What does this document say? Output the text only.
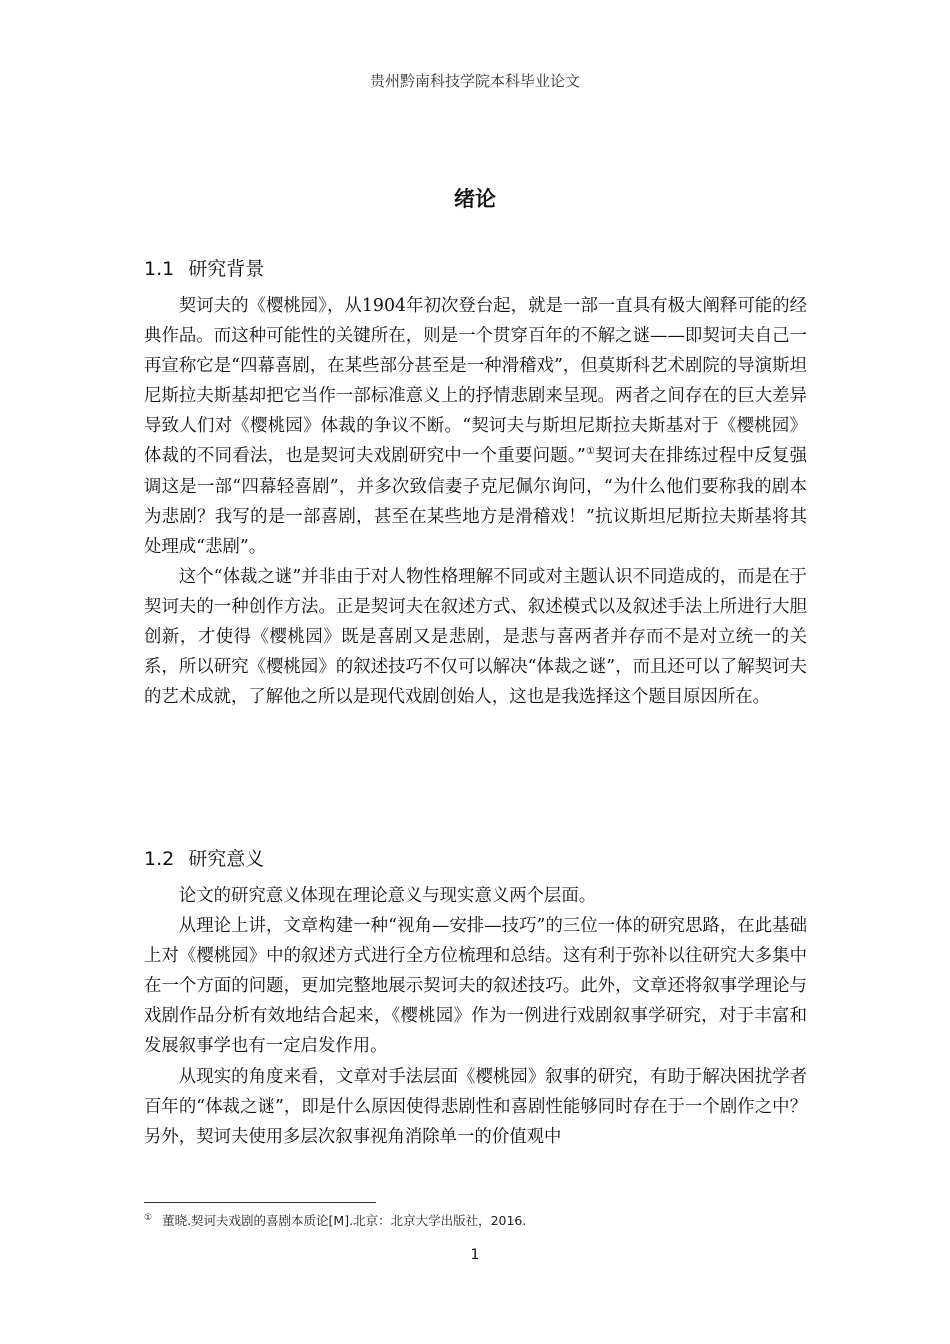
贵州黔南科技学院本科毕业论文
绪论
1.1 研究背景

契诃夫的《樱桃园》，从1904年初次登台起，就是一部一直具有极大阐释可能的经典作品。而这种可能性的关键所在，则是一个贯穿百年的不解之谜——即契诃夫自己一再宣称它是“四幕喜剧，在某些部分甚至是一种滑稽戏”，但莫斯科艺术剧院的导演斯坦尼斯拉夫斯基却把它当作一部标准意义上的抒情悲剧来呈现。两者之间存在的巨大差异导致人们对《樱桃园》体裁的争议不断。“契诃夫与斯坦尼斯拉夫斯基对于《樱桃园》体裁的不同看法，也是契诃夫戏剧研究中一个重要问题。”①契诃夫在排练过程中反复强调这是一部“四幕轻喜剧”，并多次致信妻子克尼佩尔询问，“为什么他们要称我的剧本为悲剧？我写的是一部喜剧，甚至在某些地方是滑稽戏！”抗议斯坦尼斯拉夫斯基将其处理成“悲剧”。

这个“体裁之谜”并非由于对人物性格理解不同或对主题认识不同造成的，而是在于契诃夫的一种创作方法。正是契诃夫在叙述方式、叙述模式以及叙述手法上所进行大胆创新，才使得《樱桃园》既是喜剧又是悲剧，是悲与喜两者并存而不是对立统一的关系，所以研究《樱桃园》的叙述技巧不仅可以解决“体裁之谜”，而且还可以了解契诃夫的艺术成就，了解他之所以是现代戏剧创始人，这也是我选择这个题目原因所在。

1.2 研究意义

论文的研究意义体现在理论意义与现实意义两个层面。

从理论上讲，文章构建一种“视角—安排—技巧”的三位一体的研究思路，在此基础上对《樱桃园》中的叙述方式进行全方位梳理和总结。这有利于弥补以往研究大多集中在一个方面的问题，更加完整地展示契诃夫的叙述技巧。此外，文章还将叙事学理论与戏剧作品分析有效地结合起来，《樱桃园》作为一例进行戏剧叙事学研究，对于丰富和发展叙事学也有一定启发作用。

从现实的角度来看，文章对手法层面《樱桃园》叙事的研究，有助于解决困扰学者百年的“体裁之谜”，即是什么原因使得悲剧性和喜剧性能够同时存在于一个剧作之中？另外，契诃夫使用多层次叙事视角消除单一的价值观中

① 董晓.契诃夫戏剧的喜剧本质论[M].北京：北京大学出版社，2016.
1
